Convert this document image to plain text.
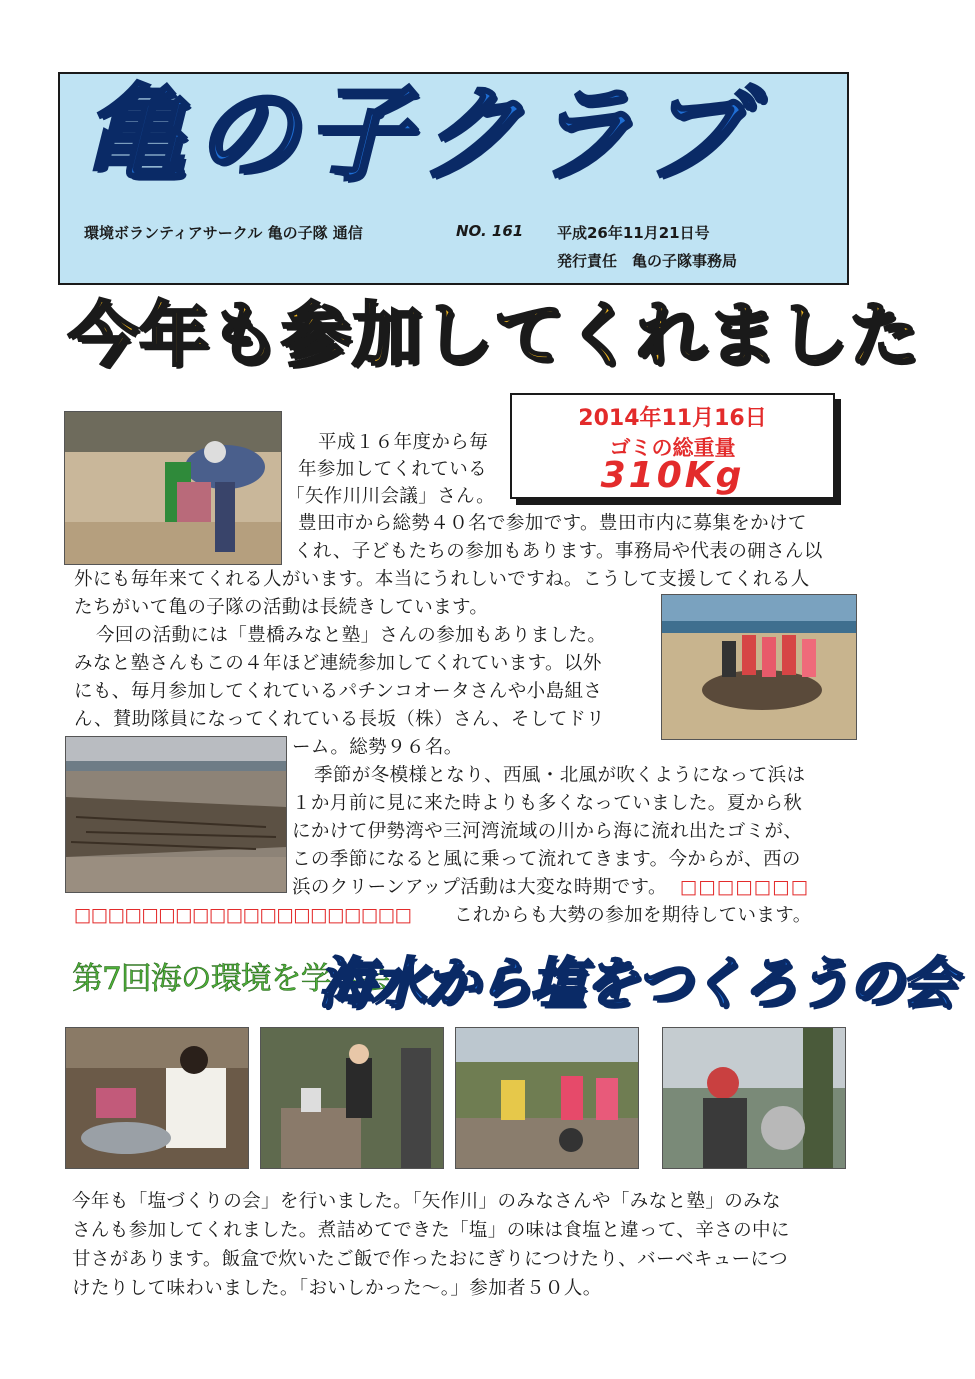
亀の子クラブ
環境ボランティアサークル 亀の子隊 通信	NO. 161 平成26年11月21日号
発行責任　亀の子隊事務局
今年も参加してくれました
2014年11月16日
ゴミの総重量
310Kg
平成１６年度から毎
年参加してくれている
「矢作川川会議」さん。
豊田市から総勢４０名で参加です。豊田市内に募集をかけて
くれ、子どもたちの参加もあります。事務局や代表の砽さん以
外にも毎年来てくれる人がいます。本当にうれしいですね。こうして支援してくれる人
たちがいて亀の子隊の活動は長続きしています。
今回の活動には「豊橋みなと塾」さんの参加もありました。
みなと塾さんもこの４年ほど連続参加してくれています。以外
にも、毎月参加してくれているパチンコオータさんや小島組さ
ん、賛助隊員になってくれている長坂（株）さん、そしてドリ
ーム。総勢９６名。
季節が冬模様となり、西風・北風が吹くようになって浜は
１か月前に見に来た時よりも多くなっていました。夏から秋
にかけて伊勢湾や三河湾流域の川から海に流れ出たゴミが、
この季節になると風に乗って流れてきます。今からが、西の
浜のクリーンアップ活動は大変な時期です。 □□□□□□□
□□□□□□□□□□□□□□□□□□□□ これからも大勢の参加を期待しています。
第7回海の環境を学ぶ会
海水から塩をつくろうの会
今年も「塩づくりの会」を行いました。「矢作川」のみなさんや「みなと塾」のみな
さんも参加してくれました。煮詰めてできた「塩」の味は食塩と違って、辛さの中に
甘さがあります。飯盒で炊いたご飯で作ったおにぎりにつけたり、バーベキューにつ
けたりして味わいました。「おいしかった〜。」参加者５０人。
